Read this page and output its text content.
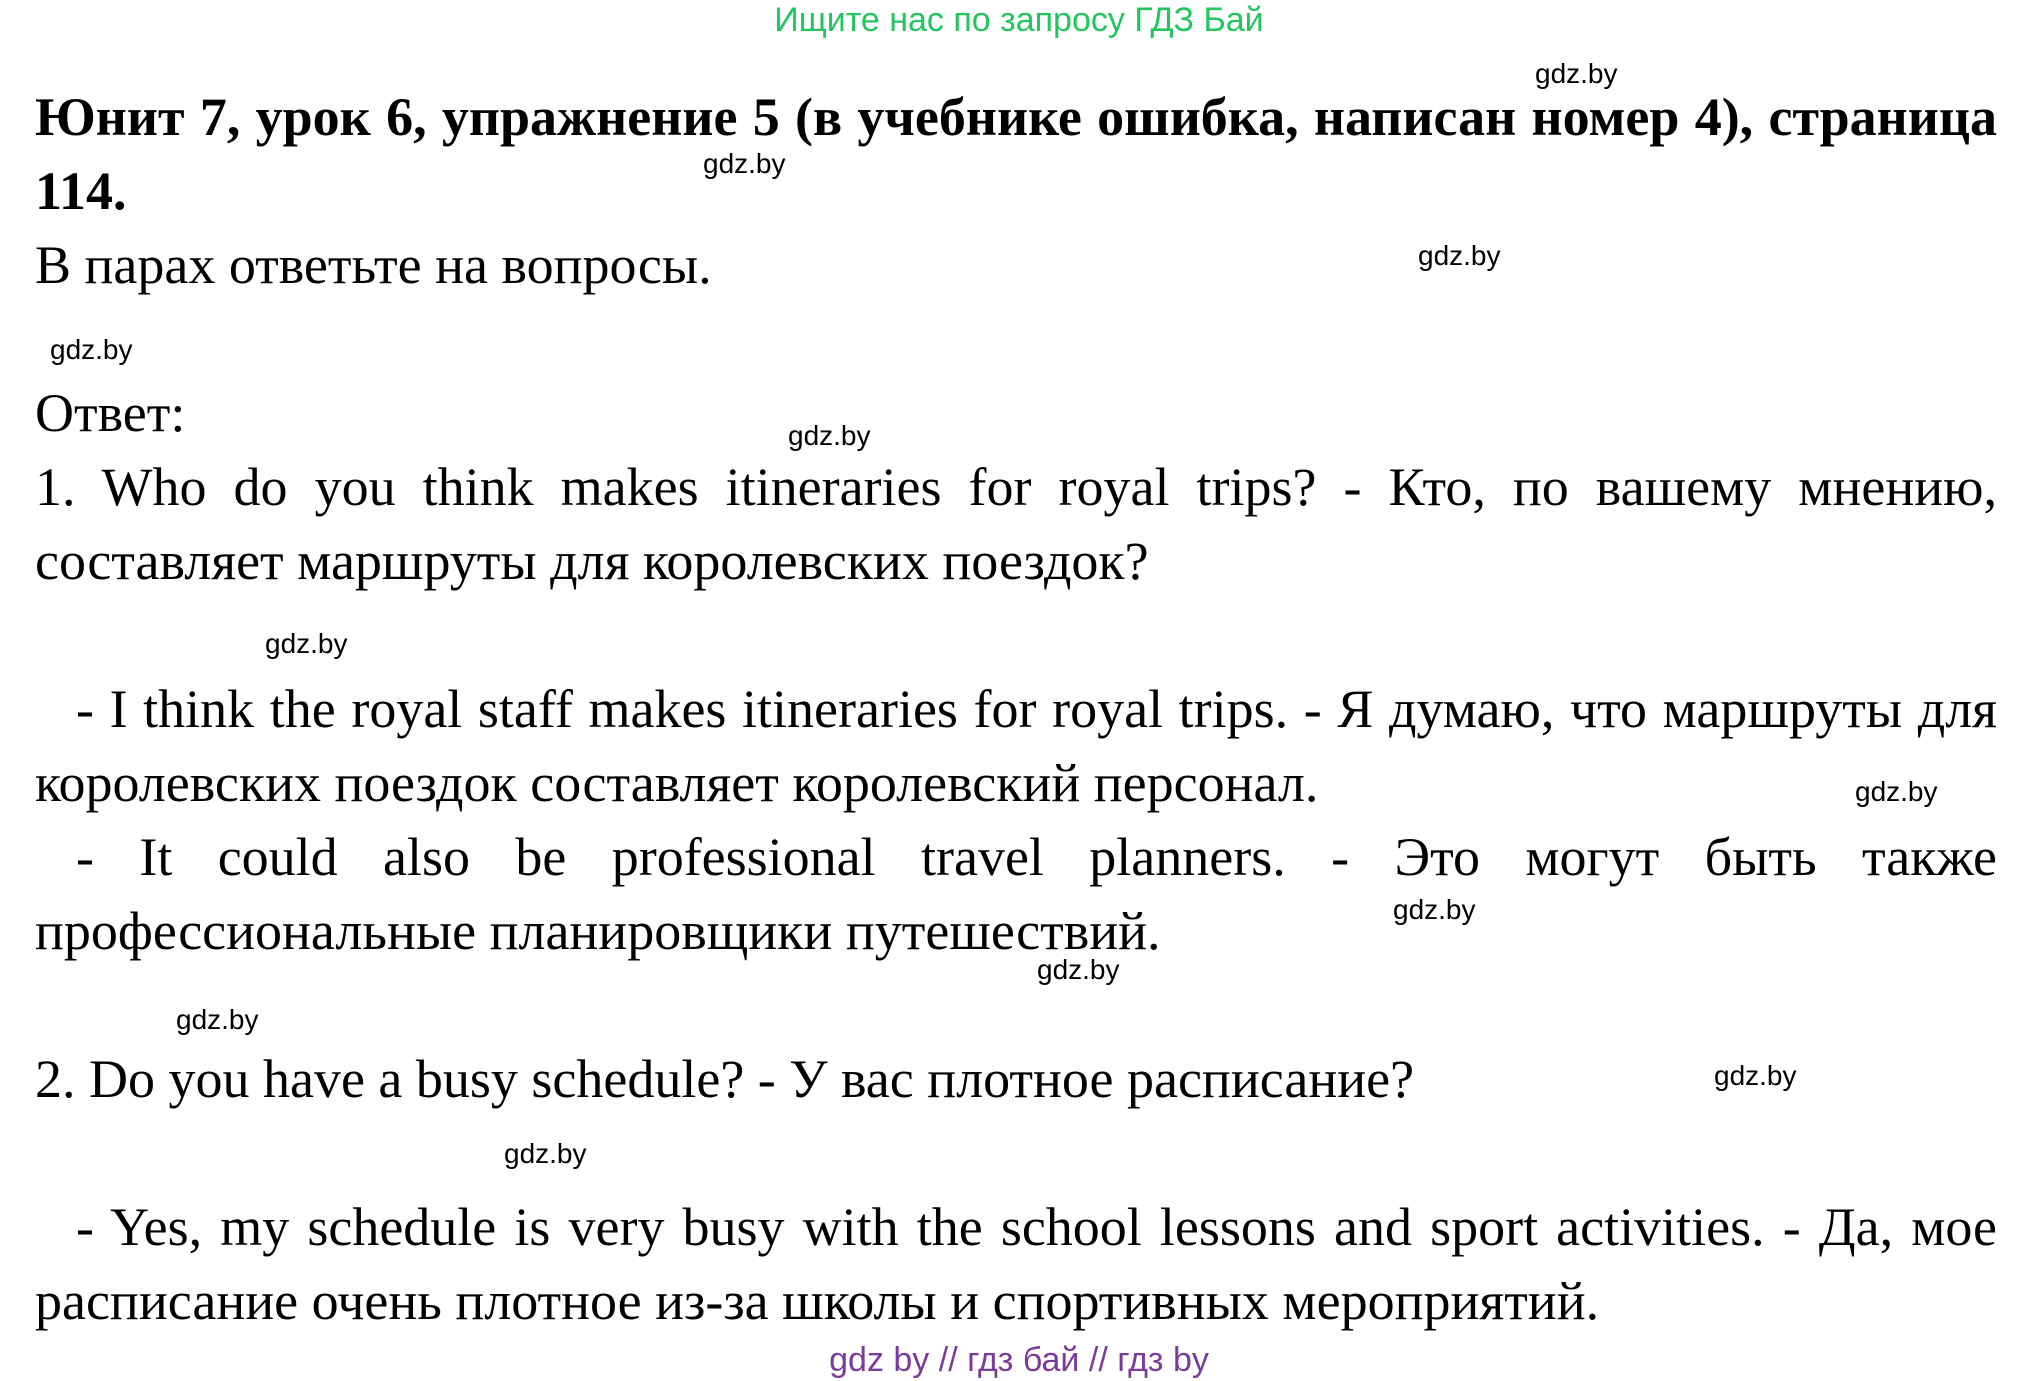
Ищите нас по запросу ГДЗ Бай

Юнит 7, урок 6, упражнение 5 (в учебнике ошибка, написан номер 4), страница 114.

В парах ответьте на вопросы.

Ответ:

1. Who do you think makes itineraries for royal trips? - Кто, по вашему мнению, составляет маршруты для королевских поездок?

- I think the royal staff makes itineraries for royal trips. - Я думаю, что маршруты для королевских поездок составляет королевский персонал.

- It could also be professional travel planners. - Это могут быть также профессиональные планировщики путешествий.

2. Do you have a busy schedule? - У вас плотное расписание?

- Yes, my schedule is very busy with the school lessons and sport activities. - Да, мое расписание очень плотное из-за школы и спортивных мероприятий.

gdz.by
gdz.by
gdz.by
gdz.by
gdz.by
gdz.by
gdz.by
gdz.by
gdz.by
gdz.by
gdz.by
gdz.by
gdz by // гдз бай // гдз by
